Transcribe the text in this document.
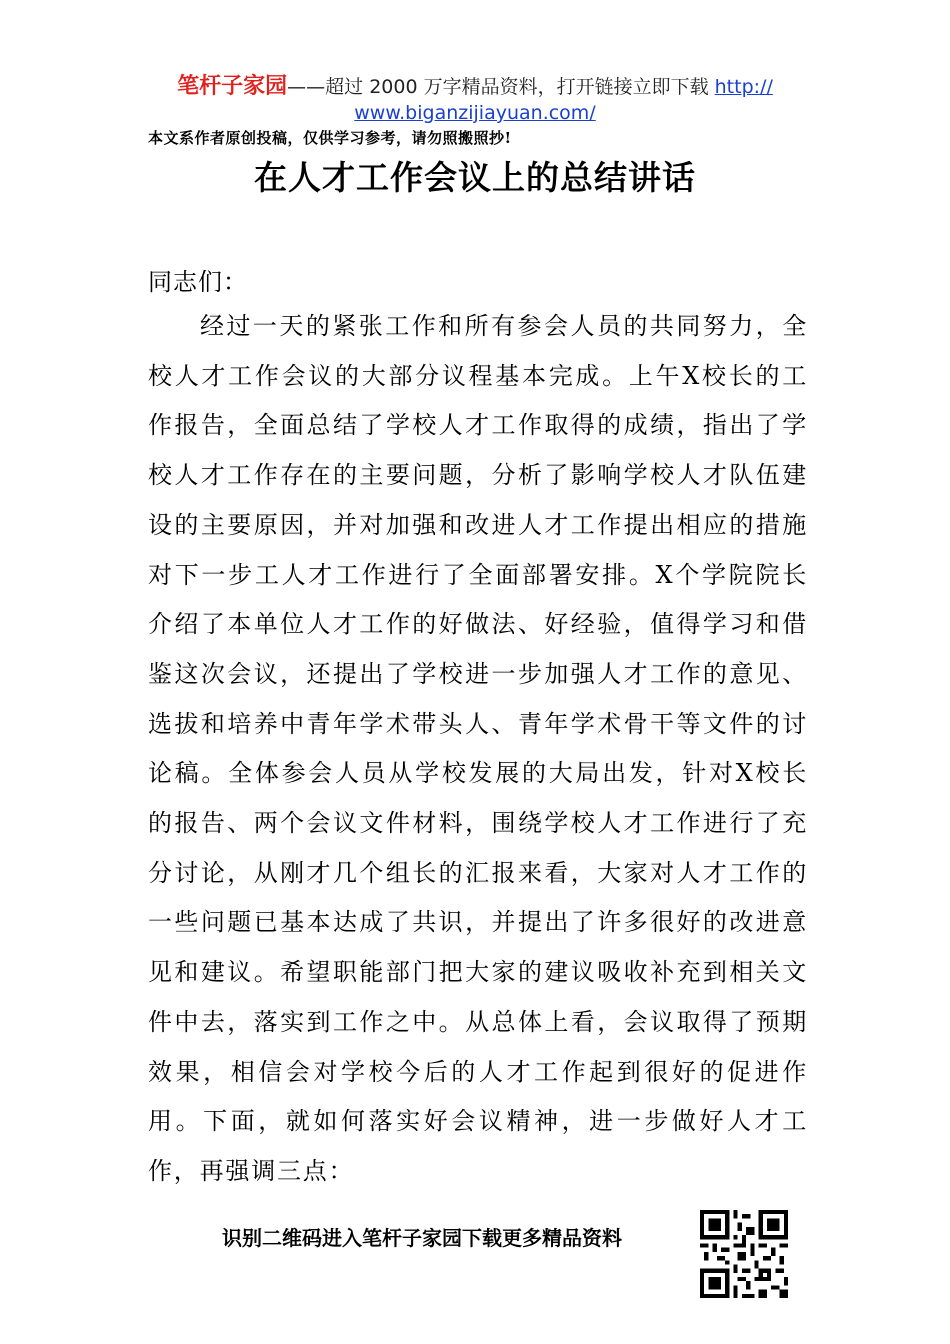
笔杆子家园——超过 2000 万字精品资料，打开链接立即下载 http://
www.biganzijiayuan.com/
本文系作者原创投稿，仅供学习参考，请勿照搬照抄!
在人才工作会议上的总结讲话
同志们：
经过一天的紧张工作和所有参会人员的共同努力，全校人才工作会议的大部分议程基本完成。上午X校长的工作报告，全面总结了学校人才工作取得的成绩，指出了学校人才工作存在的主要问题，分析了影响学校人才队伍建设的主要原因，并对加强和改进人才工作提出相应的措施对下一步工人才工作进行了全面部署安排。X个学院院长介绍了本单位人才工作的好做法、好经验，值得学习和借鉴这次会议，还提出了学校进一步加强人才工作的意见、选拔和培养中青年学术带头人、青年学术骨干等文件的讨论稿。全体参会人员从学校发展的大局出发，针对X校长的报告、两个会议文件材料，围绕学校人才工作进行了充分讨论，从刚才几个组长的汇报来看，大家对人才工作的一些问题已基本达成了共识，并提出了许多很好的改进意见和建议。希望职能部门把大家的建议吸收补充到相关文件中去，落实到工作之中。从总体上看，会议取得了预期效果，相信会对学校今后的人才工作起到很好的促进作用。下面，就如何落实好会议精神，进一步做好人才工作，再强调三点：
识别二维码进入笔杆子家园下载更多精品资料
